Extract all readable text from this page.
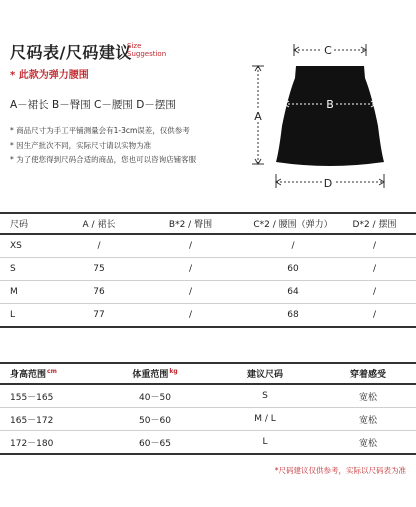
尺码表/尺码建议
Size
Suggestion
* 此款为弹力腰围
A－裙长 B－臀围 C－腰围 D－摆围
* 商品尺寸为手工平铺测量会有1-3cm误差，仅供参考
* 因生产批次不同，实际尺寸请以实物为准
* 为了使您得到尺码合适的商品，您也可以咨询店铺客服
C
B
A
D
尺码	A / 裙长	B*2 / 臀围	C*2 / 腰围（弹力）	D*2 / 摆围
XS	/	/	/	/
S	75	/	60	/
M	76	/	64	/
L	77	/	68	/
身高范围$^{cm}$	体重范围$^{kg}$	建议尺码	穿着感受
155－165	40－50	S	宽松
165－172	50－60	M / L	宽松
172－180	60－65	L	宽松
*尺码建议仅供参考，实际以尺码表为准
